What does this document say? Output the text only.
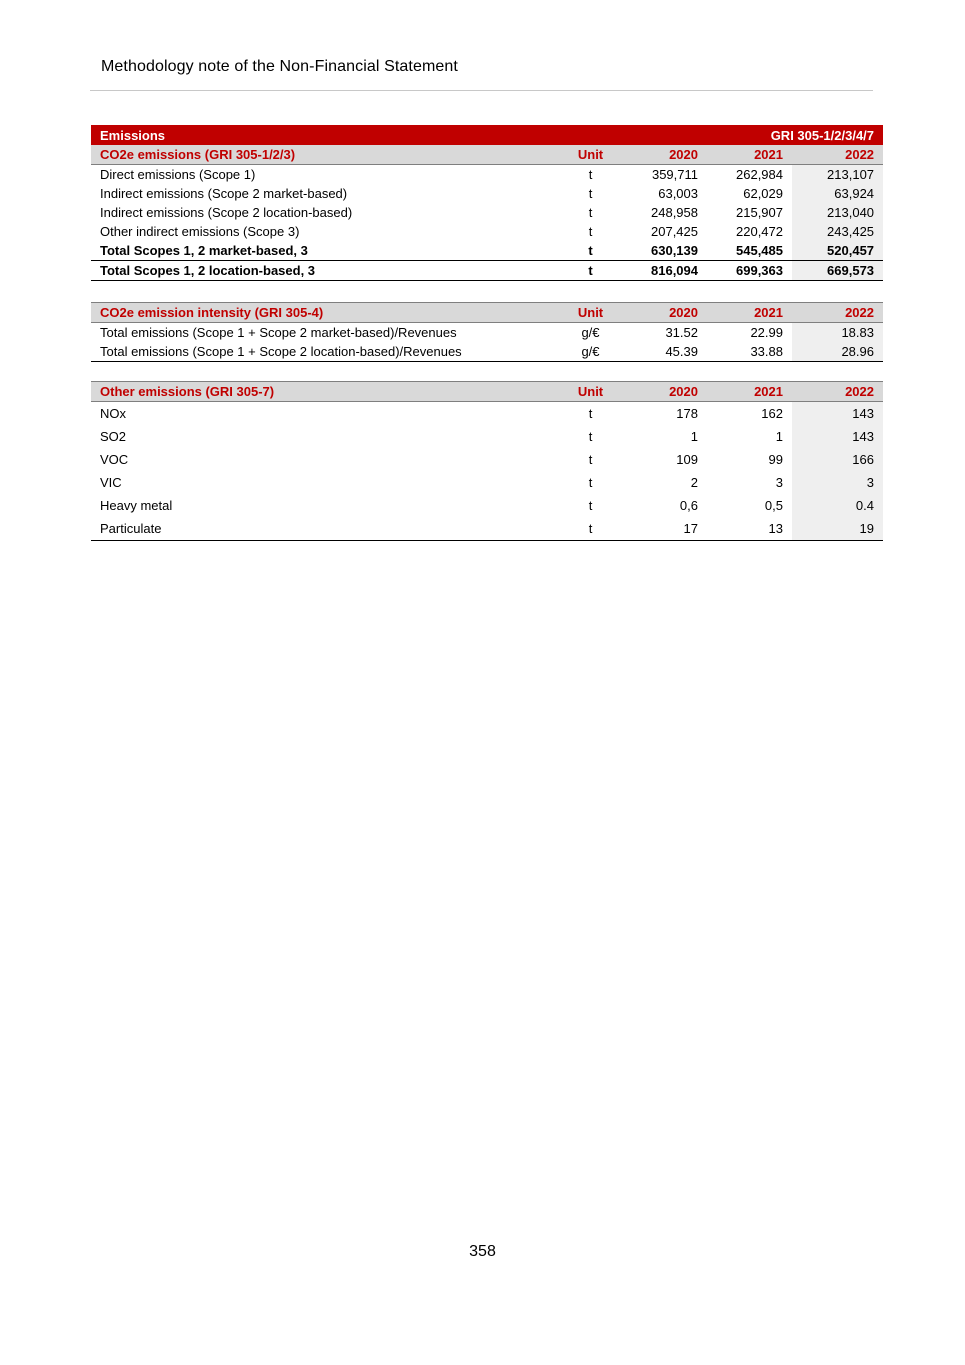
Methodology note of the Non-Financial Statement
Emissions		GRI 305-1/2/3/4/7		
CO2e emissions (GRI 305-1/2/3)	Unit	2020	2021	2022
Direct emissions (Scope 1)	t	359,711	262,984	213,107
Indirect emissions (Scope 2 market-based)	t	63,003	62,029	63,924
Indirect emissions (Scope 2 location-based)	t	248,958	215,907	213,040
Other indirect emissions (Scope 3)	t	207,425	220,472	243,425
Total Scopes 1, 2 market-based, 3	t	630,139	545,485	520,457
Total Scopes 1, 2 location-based, 3	t	816,094	699,363	669,573
CO2e emission intensity (GRI 305-4)	Unit	2020	2021	2022
Total emissions (Scope 1 + Scope 2 market-based)/Revenues	g/€	31.52	22.99	18.83
Total emissions (Scope 1 + Scope 2 location-based)/Revenues	g/€	45.39	33.88	28.96
Other emissions (GRI 305-7)	Unit	2020	2021	2022
NOx	t	178	162	143
SO2	t	1	1	143
VOC	t	109	99	166
VIC	t	2	3	3
Heavy metal	t	0,6	0,5	0.4
Particulate	t	17	13	19
358
